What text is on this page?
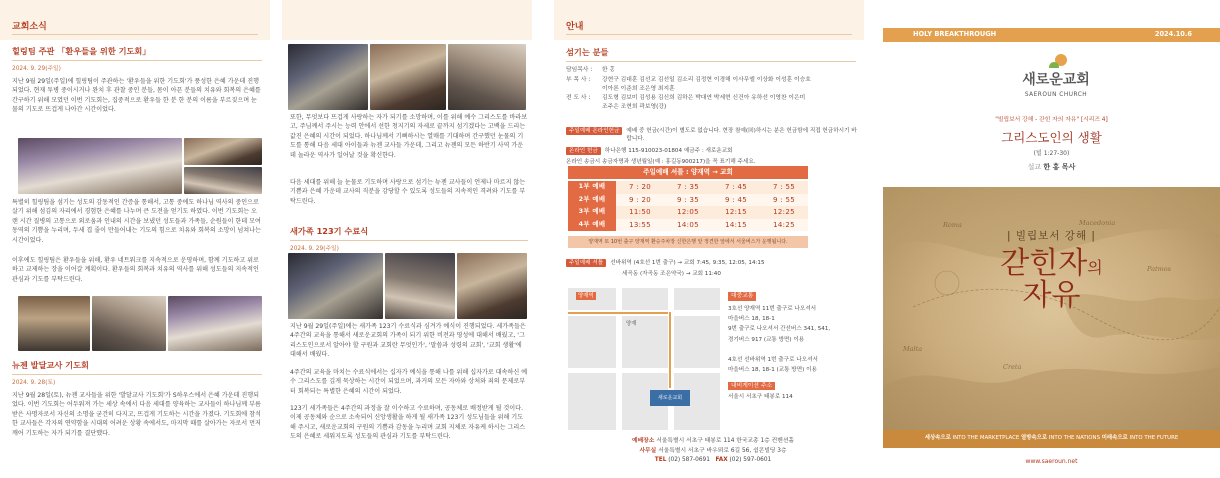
교회소식
힐링팀 주관 「환우들을 위한 기도회」
2024. 9. 29(주일)
지난 9월 29일(주일)에 힐링팀이 주관하는 '환우들을 위한 기도회'가 풍성한 은혜 가운데 진행되었다. 현재 투병 중이시거나 완치 후 관찰 중인 분들, 몸이 아픈 분들의 치유와 회복의 은혜를 간구하기 위해 모였던 이번 기도회는, 집중적으로 환우들 한 분 한 분의 이름을 부르짖으며 눈물의 기도로 뜨겁게 나아간 시간이었다.
특별히 힐링팀을 섬기는 성도의 감동적인 간증을 통해서, 고통 중에도 하나님 역사의 중인으로 살기 위해 섬김의 자리에서 경험한 은혜를 나누며 큰 도전을 얻기도 하였다. 이번 기도회는 오랜 시간 질병의 고통으로 외로움과 인내의 시간을 보냈던 성도들과 가족들, 순원들이 한데 모여 동역의 기쁨을 누리며, 두세 겹 줄이 만들어내는 기도의 힘으로 치유와 회복의 소망이 넘쳐나는 시간이었다.
이후에도 힐링팀은 환우들을 위해, 환우 네트워크를 지속적으로 운영하며, 함께 기도하고 위로하고 교제하는 장을 이어갈 계획이다. 환우들의 회복과 치유의 역사를 위해 성도들의 지속적인 관심과 기도를 부탁드린다.
뉴젠 발달교사 기도회
2024. 9. 28(토)
지난 9월 28일(토), 뉴젠 교사들을 위한 '발달교사 기도회'가 S하우스에서 은혜 가운데 진행되었다. 이번 기도회는 어두워져 가는 세상 속에서 다음 세대를 양육하는 교사들이 하나님께 부름받은 사명자로서 자신의 소명을 굳건히 다지고, 뜨겁게 기도하는 시간을 가졌다. 기도회에 참석한 교사들은 각자의 연약함을 시대의 어려운 상황 속에서도, 마지막 때를 살아가는 자로서 먼저 깨어 기도하는 자가 되기를 결단했다.
또한, 무엇보다 뜨겁게 사랑하는 자가 되기를 소망하며, 이를 위해 예수 그리스도를 바라보고, 주님께서 주시는 능력 안에서 선한 청지기의 자세로 끝까지 섬기겠다는 고백을 드리는 값진 은혜의 시간이 되었다. 하나님께서 기뻐하시는 열매를 기대하며 간구했던 눈물의 기도를 통해 다음 세대 아이들과 뉴젠 교사들 가운데, 그리고 뉴젠의 모든 하반기 사역 가운데 놀라운 역사가 일어날 것을 확신한다.
다음 세대를 위해 늘 눈물로 기도하며 사랑으로 섬기는 뉴젠 교사들이 언제나 마르지 않는 기쁨과 은혜 가운데 교사의 직분을 감당할 수 있도록 성도들의 지속적인 격려와 기도를 부탁드린다.
새가족 123기 수료식
2024. 9. 29(주일)
지난 9월 29일(주일)에는 새가족 123기 수료식과 심겨가 예식이 진행되었다. 세가족들은 4주간의 교육을 통해서 새로운교회의 가족이 되기 위한 비전과 영성에 대해서 배웠고, '그리스도인으로서 알아야 할 구원과 교회란 무엇인가', '말씀과 성령의 교회', '교회 생활'에 대해서 배웠다.
4주간의 교육을 마치는 수료식에서는 십자가 예식을 통해 나를 위해 십자가로 대속하신 예수 그리스도를 깊게 묵상하는 시간이 되었으며, 과거의 모든 자아와 상처와 죄의 문제로부터 회복되는 특별한 은혜의 시간이 되었다.
123기 세가족들은 4주간의 과정을 잘 이수하고 수료하며, 공동체로 배정받게 될 것이다. 이제 공동체와 순으로 소속되어 신앙생활을 하게 될 새가족 123기 성도님들을 위해 기도해 주시고, 새로운교회의 구원의 기쁨과 감동을 누리며 교회 지체로 자유케 하시는 그리스도의 은혜로 세워지도록 성도들의 관심과 기도를 부탁드린다.
안내
섬기는 분들
담임목사 :	한 홍
부 목 사 :	강현구 김대훈 김선교 김선일 김소리 김정현 이경해 이사무엘 이상화 이성훈 이승호
이아론 이준희 조은영 최지훈
전 도 사 :	김도형 김보미 김성용 김신희 김하은 박대연 박세현 신건아 유하선 이영찬 이은미
조주은 조현희 곽보영(강)
주일예배 온라인헌금	예배 중 헌금(시간)이 별도로 없습니다. 현장 참예(回)하시는 분은 헌금함에 직접 헌금하시기 바랍니다.
온라인 헌금	하나은행 115-910023-01804 예금주 : 새로운교회
온라인 송금시 송금자명과 생년월일(예 : 홍길동900217)을 꼭 표기해 주세요.
주일예배 셔틀 : 양재역 → 교회
1부 예배	7 : 20	7 : 35	7 : 45	7 : 55
2부 예배	9 : 20	9 : 35	9 : 45	9 : 55
3부 예배	11:50	12:05	12:15	12:25
4부 예배	13:55	14:05	14:15	14:25
양재역 또 10번 출구 양재역 환승주차장 신한은행 앞 정견한 앞에서 서울버스가 운행됩니다.
주일예배 셔틀	선바위역 (4호선 1번 출구) → 교회 7:45, 9:35, 12:05, 14:15
세곡동 (자곡동 조은약국) → 교회 11:40
양재역
양재
새로운교회
대중교통
3호선 양재역 11번 출구로 나오셔서
마을버스 18, 18-1
9번 출구로 나오셔서 간선버스 341, 541,
경기버스 917 (교통 방면) 이용
4호선 선바위역 1번 출구로 나오셔서
마을버스 18, 18-1 (교통 방면) 이용
내비게이션 주소
서울시 서초구 태봉로 114
예배장소 서울특별시 서초구 태봉로 114 한국교총 1층 컨벤션홀
사무실 서울특별시 서초구 바우뫼로 6길 56, 쉼콘빌딩 3층
TEL (02) 587-0691 FAX (02) 597-0601
HOLY BREAKTHROUGH	2024.10.6
새로운교회
SAEROUN CHURCH
"빌립보서 강해 - 갇힌 자의 자유" [시리즈 4]
그리스도인의 생활
(빌 1:27-30)
설교 한 홍 목사
Roma	Macedonia
Creta
Malta
Patmos
| 빌립보서 강해 |
갇힌자의
자유
세상속으로 INTO THE MARKETPLACE 열방속으로 INTO THE NATIONS 미래속으로 INTO THE FUTURE
www.saeroun.net
